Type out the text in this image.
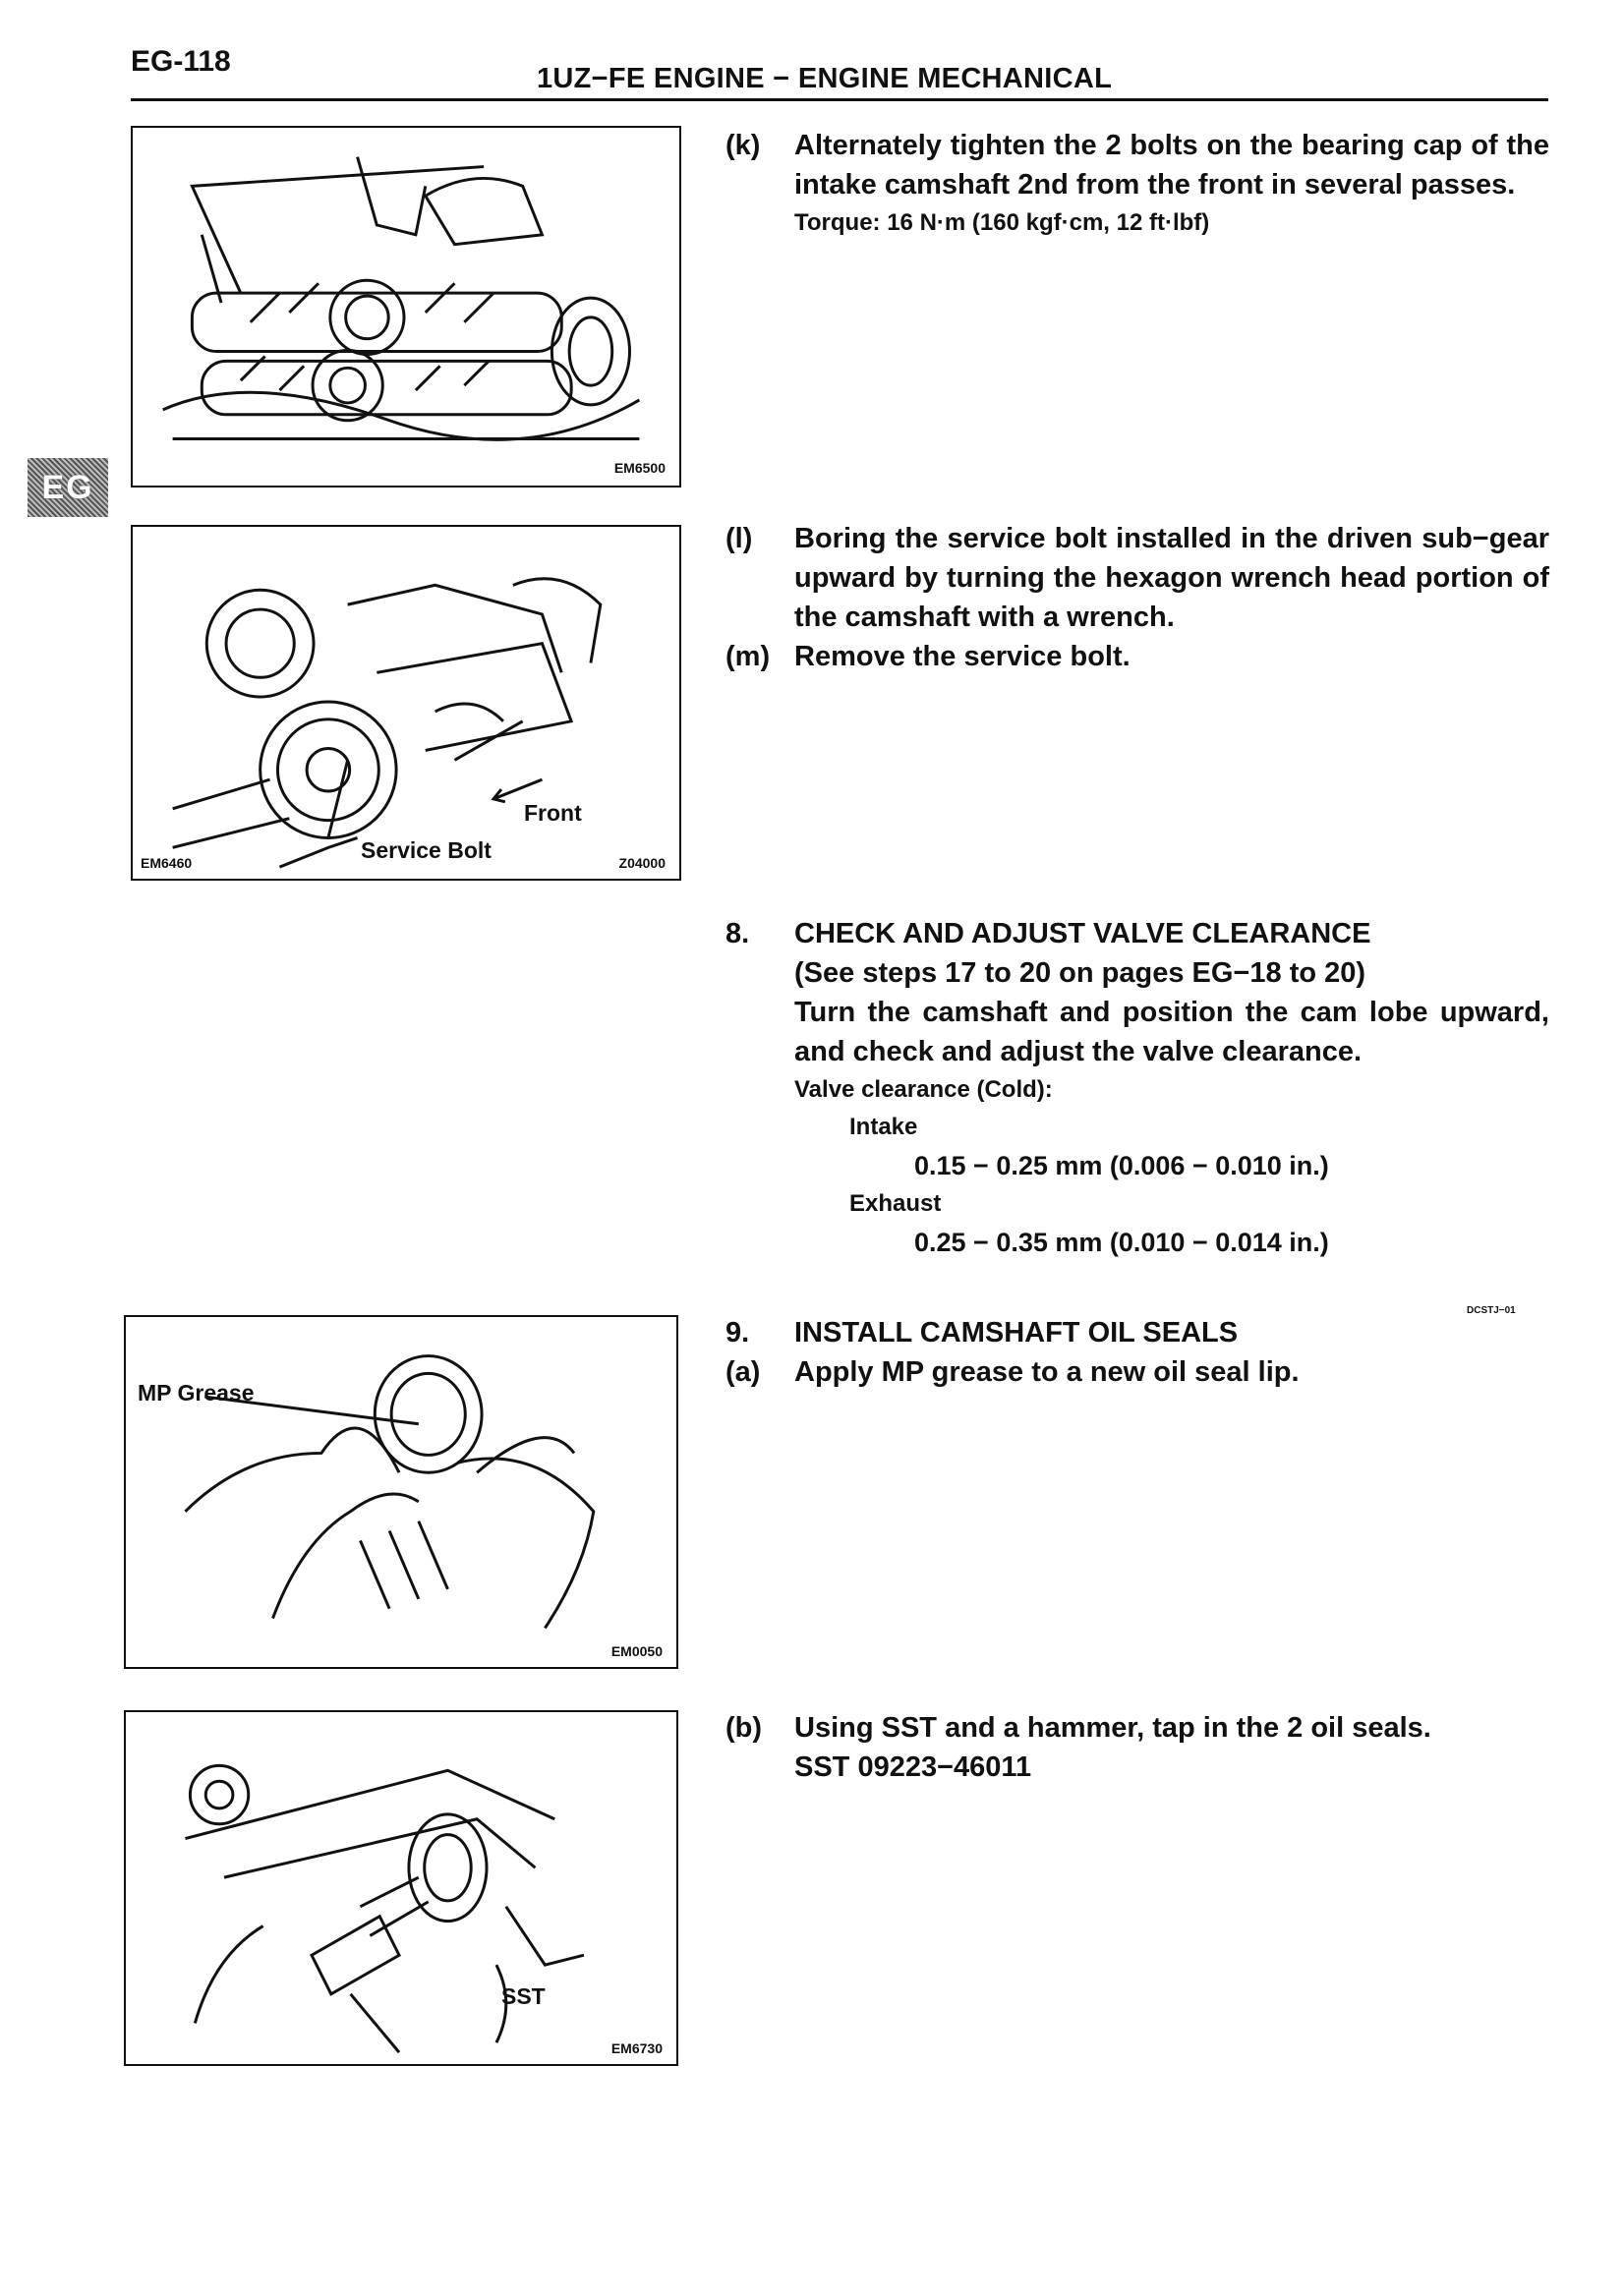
EG-118
1UZ−FE ENGINE − ENGINE MECHANICAL
EG
EM6500
Front
Service Bolt
EM6460	Z04000
MP Grease
EM0050
SST
EM6730
(k)	Alternately tighten the 2 bolts on the bearing cap of the intake camshaft 2nd from the front in several passes.
Torque: 16 N·m (160 kgf·cm, 12 ft·lbf)
(l)	Boring the service bolt installed in the driven sub−gear upward by turning the hexagon wrench head portion of the camshaft with a wrench.
(m) Remove the service bolt.
8.	CHECK AND ADJUST VALVE CLEARANCE
(See steps 17 to 20 on pages EG−18 to 20)
Turn the camshaft and position the cam lobe upward, and check and adjust the valve clearance.
Valve clearance (Cold):
Intake
0.15 − 0.25 mm (0.006 − 0.010 in.)
Exhaust
0.25 − 0.35 mm (0.010 − 0.014 in.)
DCSTJ−01
9.	INSTALL CAMSHAFT OIL SEALS
(a)	Apply MP grease to a new oil seal lip.
(b)	Using SST and a hammer, tap in the 2 oil seals.
SST 09223−46011
